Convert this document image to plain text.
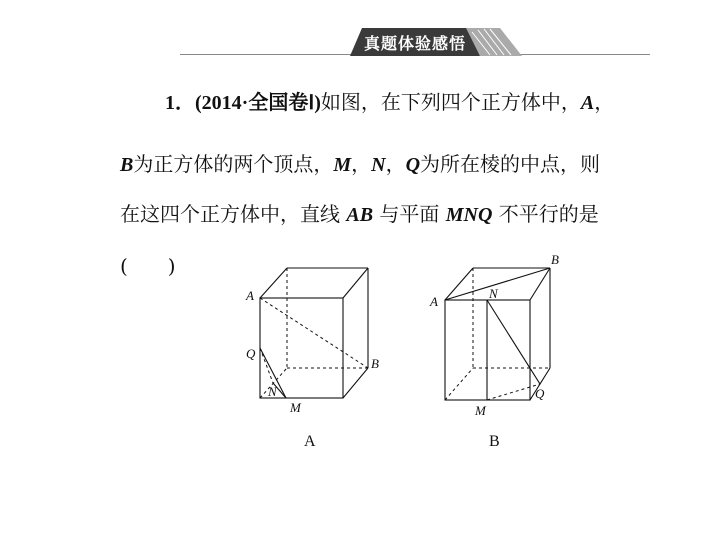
真题体验感悟
1．(2014·全国卷Ⅰ)如图，在下列四个正方体中，A，
B为正方体的两个顶点，M，N，Q为所在棱的中点，则
在这四个正方体中，直线 AB 与平面 MNQ 不平行的是
(　　)
A
B
Q
N
M
A
A
B
N
Q
M
B
